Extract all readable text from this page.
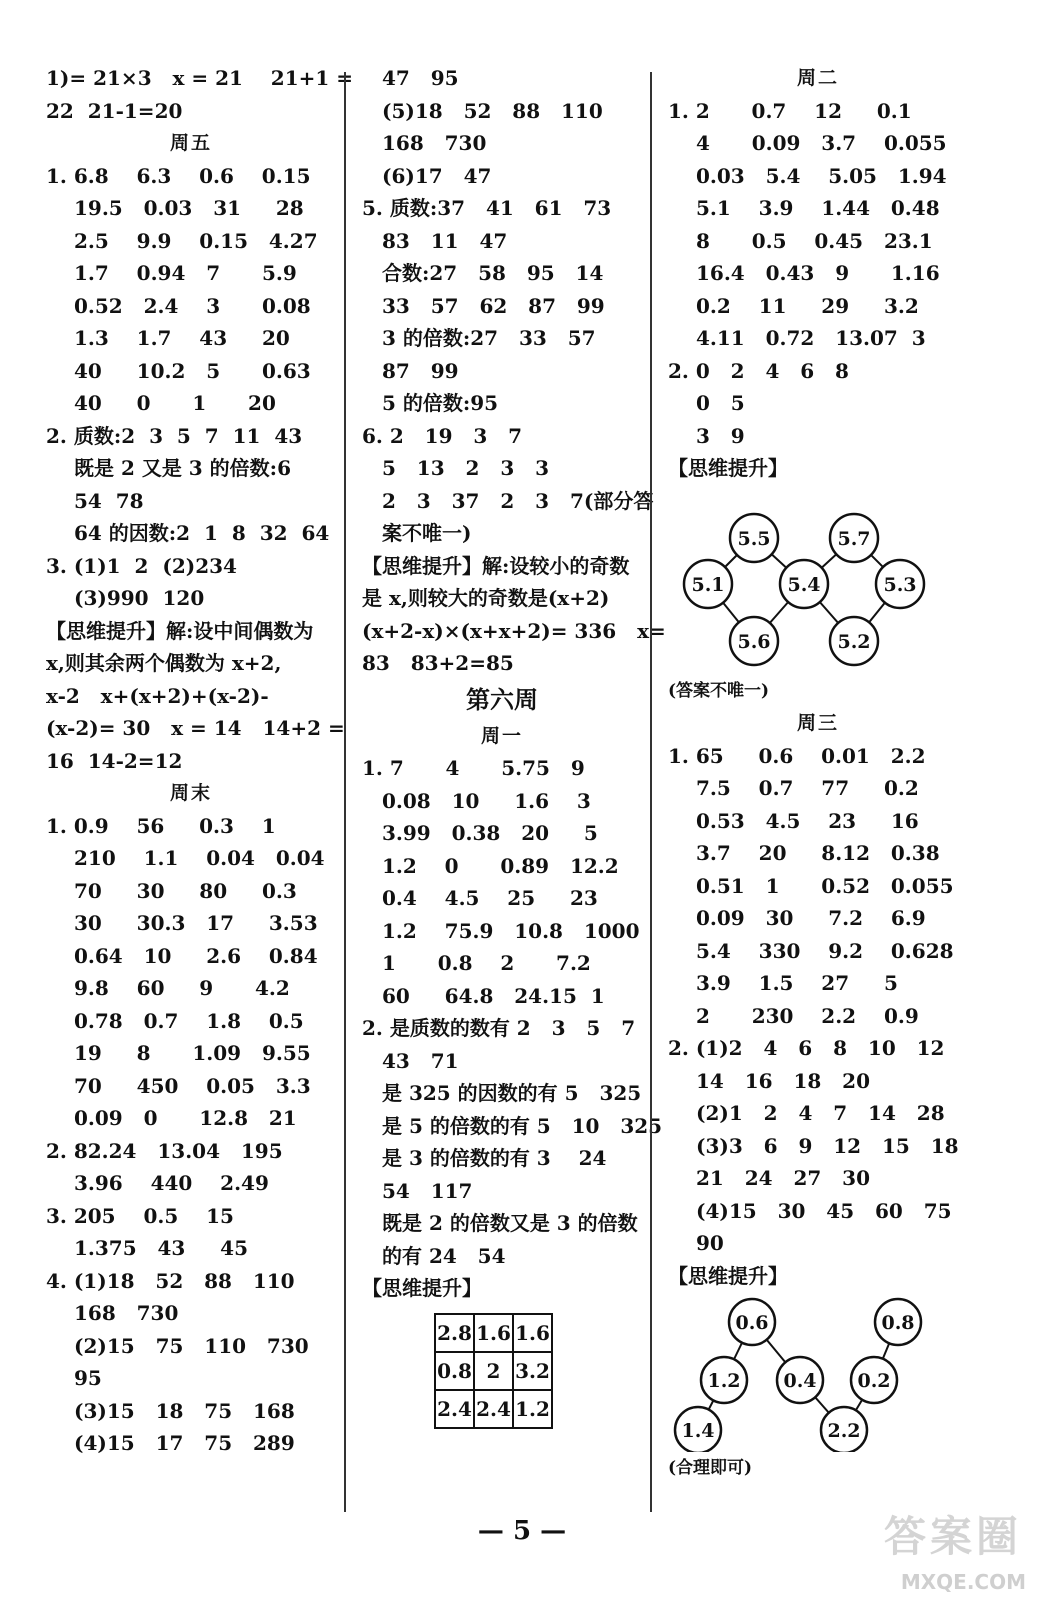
1)= 21×3   x = 21    21+1 =
22  21-1=20
周五
1. 6.8    6.3    0.6    0.15
19.5   0.03   31     28
2.5    9.9    0.15   4.27
1.7    0.94   7      5.9
0.52   2.4    3      0.08
1.3    1.7    43     20
40     10.2   5      0.63
40     0      1      20
2. 质数:2  3  5  7  11  43
既是 2 又是 3 的倍数:6
54  78
64 的因数:2  1  8  32  64
3. (1)1  2  (2)234
(3)990  120
【思维提升】解:设中间偶数为
x,则其余两个偶数为 x+2,
x-2   x+(x+2)+(x-2)-
(x-2)= 30   x = 14   14+2 =
16  14-2=12
周末
1. 0.9    56     0.3    1
210    1.1    0.04   0.04
70     30     80     0.3
30     30.3   17     3.53
0.64   10     2.6    0.84
9.8    60     9      4.2
0.78   0.7    1.8    0.5
19     8      1.09   9.55
70     450    0.05   3.3
0.09   0      12.8   21
2. 82.24   13.04   195
3.96    440    2.49
3. 205    0.5    15
1.375   43     45
4. (1)18   52   88   110
168   730
(2)15   75   110   730
95
(3)15   18   75   168
(4)15   17   75   289
47   95
(5)18   52   88   110
168   730
(6)17   47
5. 质数:37   41   61   73
83   11   47
合数:27   58   95   14
33   57   62   87   99
3 的倍数:27   33   57
87   99
5 的倍数:95
6. 2   19   3   7
5   13   2   3   3
2   3   37   2   3   7(部分答
案不唯一)
【思维提升】解:设较小的奇数
是 x,则较大的奇数是(x+2)
(x+2-x)×(x+x+2)= 336   x=
83   83+2=85
第六周
周一
1. 7      4      5.75   9
0.08   10     1.6    3
3.99   0.38   20     5
1.2    0      0.89   12.2
0.4    4.5    25     23
1.2    75.9   10.8   1000
1      0.8    2      7.2
60     64.8   24.15  1
2. 是质数的数有 2   3   5   7
43   71
是 325 的因数的有 5   325
是 5 的倍数的有 5   10   325
是 3 的倍数的有 3    24
54   117
既是 2 的倍数又是 3 的倍数
的有 24   54
【思维提升】
2.8	1.6	1.6
0.8	2	3.2
2.4	2.4	1.2
周二
1. 2      0.7    12     0.1
4      0.09   3.7    0.055
0.03   5.4    5.05   1.94
5.1    3.9    1.44   0.48
8      0.5    0.45   23.1
16.4   0.43   9      1.16
0.2    11     29     3.2
4.11   0.72   13.07  3
2. 0   2   4   6   8
0   5
3   9
【思维提升】
5.5	5.7
5.1	5.4	5.3
5.6	5.2
(答案不唯一)
周三
1. 65     0.6    0.01   2.2
7.5    0.7    77     0.2
0.53   4.5    23     16
3.7    20     8.12   0.38
0.51   1      0.52   0.055
0.09   30     7.2    6.9
5.4    330    9.2    0.628
3.9    1.5    27     5
2      230    2.2    0.9
2. (1)2   4   6   8   10   12
14   16   18   20
(2)1   2   4   7   14   28
(3)3   6   9   12   15   18
21   24   27   30
(4)15   30   45   60   75
90
【思维提升】
0.6	0.8
1.2 0.4 0.2
1.4	2.2
(合理即可)
— 5 —	答案圈
MXQE.COM
